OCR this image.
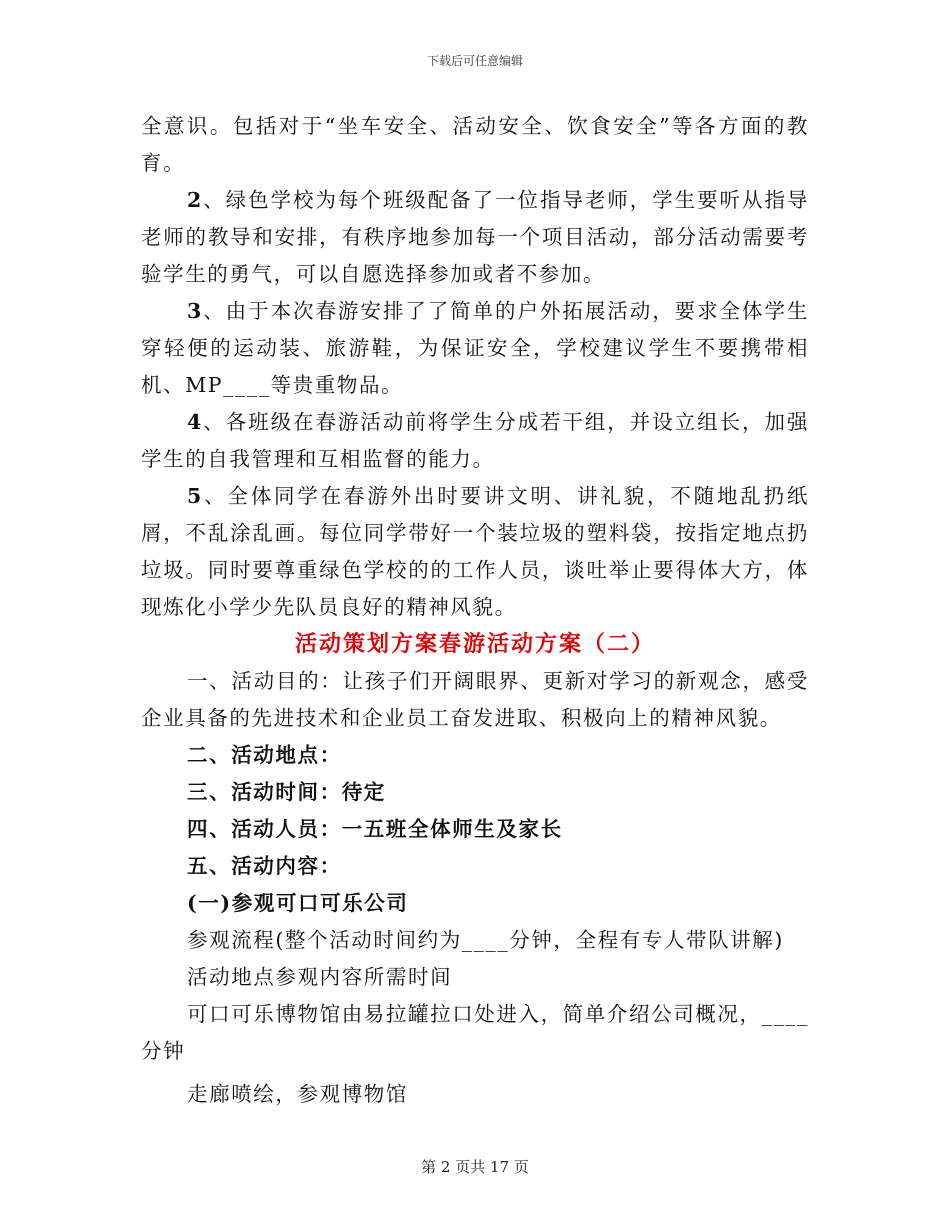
下载后可任意编辑

全意识。包括对于“坐车安全、活动安全、饮食安全”等各方面的教育。

2、绿色学校为每个班级配备了一位指导老师，学生要听从指导老师的教导和安排，有秩序地参加每一个项目活动，部分活动需要考验学生的勇气，可以自愿选择参加或者不参加。

3、由于本次春游安排了了简单的户外拓展活动，要求全体学生穿轻便的运动装、旅游鞋，为保证安全，学校建议学生不要携带相机、MP____等贵重物品。

4、各班级在春游活动前将学生分成若干组，并设立组长，加强学生的自我管理和互相监督的能力。

5、全体同学在春游外出时要讲文明、讲礼貌，不随地乱扔纸屑，不乱涂乱画。每位同学带好一个装垃圾的塑料袋，按指定地点扔垃圾。同时要尊重绿色学校的的工作人员，谈吐举止要得体大方，体现炼化小学少先队员良好的精神风貌。

活动策划方案春游活动方案（二）

一、活动目的：让孩子们开阔眼界、更新对学习的新观念，感受企业具备的先进技术和企业员工奋发进取、积极向上的精神风貌。

二、活动地点：

三、活动时间：待定

四、活动人员：一五班全体师生及家长

五、活动内容：

(一)参观可口可乐公司

参观流程(整个活动时间约为____分钟，全程有专人带队讲解)

活动地点参观内容所需时间

可口可乐博物馆由易拉罐拉口处进入，简单介绍公司概况，____分钟

走廊喷绘，参观博物馆

第 2 页共 17 页
